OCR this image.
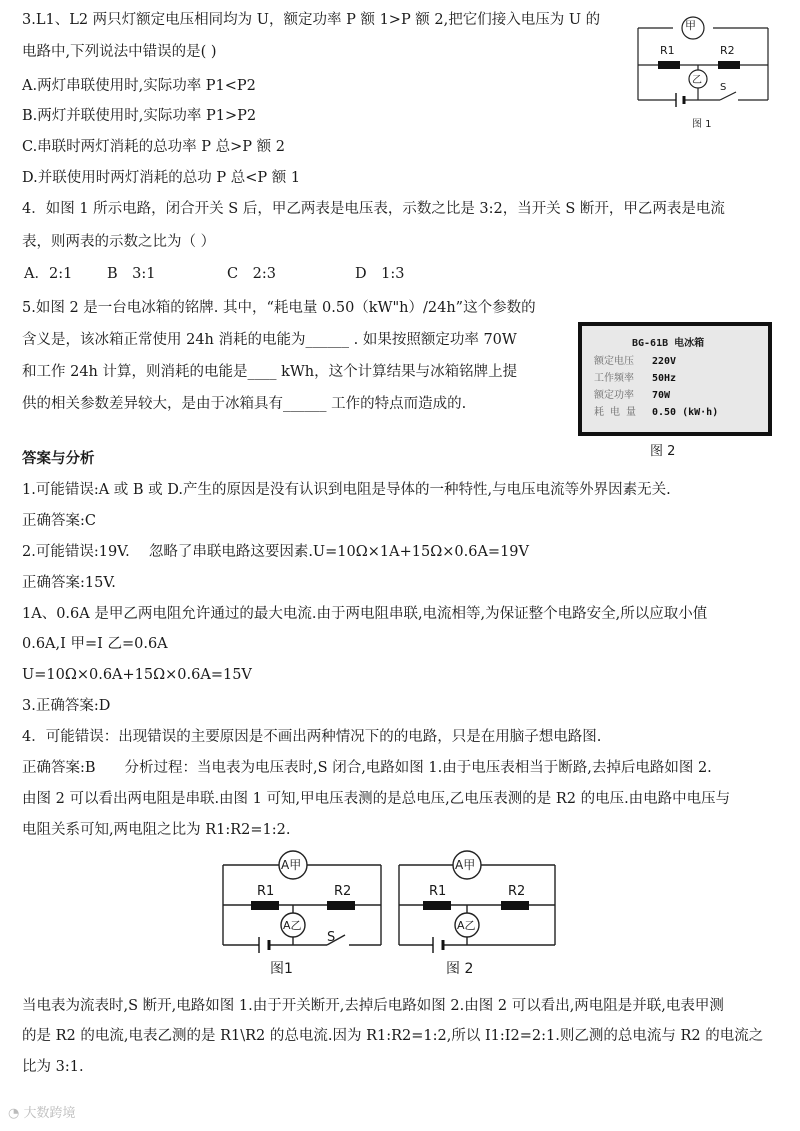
3.L1、L2 两只灯额定电压相同均为 U，额定功率 P 额 1>P 额 2,把它们接入电压为 U 的
电路中,下列说法中错误的是( )
A.两灯串联使用时,实际功率 P1<P2
B.两灯并联使用时,实际功率 P1>P2
C.串联时两灯消耗的总功率 P 总>P 额 2
D.并联使用时两灯消耗的总功 P 总<P 额 1
甲
乙
R1	R2
S
图 1
4．如图 1 所示电路，闭合开关 S 后，甲乙两表是电压表，示数之比是 3:2，当开关 S 断开，甲乙两表是电流
表，则两表的示数之比为（ ）
A．2:1 B　3:1	C　2:3	D　1:3
5.如图 2 是一台电冰箱的铭牌. 其中，“耗电量 0.50（kW"h）/24h”这个参数的
含义是，该冰箱正常使用 24h 消耗的电能为______ . 如果按照额定功率 70W
和工作 24h 计算，则消耗的电能是____ kWh，这个计算结果与冰箱铭牌上提
供的相关参数差异较大，是由于冰箱具有______ 工作的特点而造成的.
BG-61B 电冰箱
额定电压 220V
工作频率 50Hz
额定功率 70W
耗 电 量 0.50 (kW·h)
图 2
答案与分析
1.可能错误:A 或 B 或 D.产生的原因是没有认识到电阻是导体的一种特性,与电压电流等外界因素无关.
正确答案:C
2.可能错误:19V.　 忽略了串联电路这要因素.U=10Ω×1A+15Ω×0.6A=19V
正确答案:15V.
1A、0.6A 是甲乙两电阻允许通过的最大电流.由于两电阻串联,电流相等,为保证整个电路安全,所以应取小值
0.6A,I 甲=I 乙=0.6A
U=10Ω×0.6A+15Ω×0.6A=15V
3.正确答案:D
4．可能错误：出现错误的主要原因是不画出两种情况下的的电路，只是在用脑子想电路图.
正确答案:B　　分析过程：当电表为电压表时,S 闭合,电路如图 1.由于电压表相当于断路,去掉后电路如图 2.
由图 2 可以看出两电阻是串联.由图 1 可知,甲电压表测的是总电压,乙电压表测的是 R2 的电压.由电路中电压与
电阻关系可知,两电阻之比为 R1:R2=1:2.
A甲
A乙
R1	R2
S
图1
A甲
A乙
R1	R2
图 2
当电表为流表时,S 断开,电路如图 1.由于开关断开,去掉后电路如图 2.由图 2 可以看出,两电阻是并联,电表甲测
的是 R2 的电流,电表乙测的是 R1\R2 的总电流.因为 R1:R2=1:2,所以 I1:I2=2:1.则乙测的总电流与 R2 的电流之
比为 3:1.
◔ 大数跨境
